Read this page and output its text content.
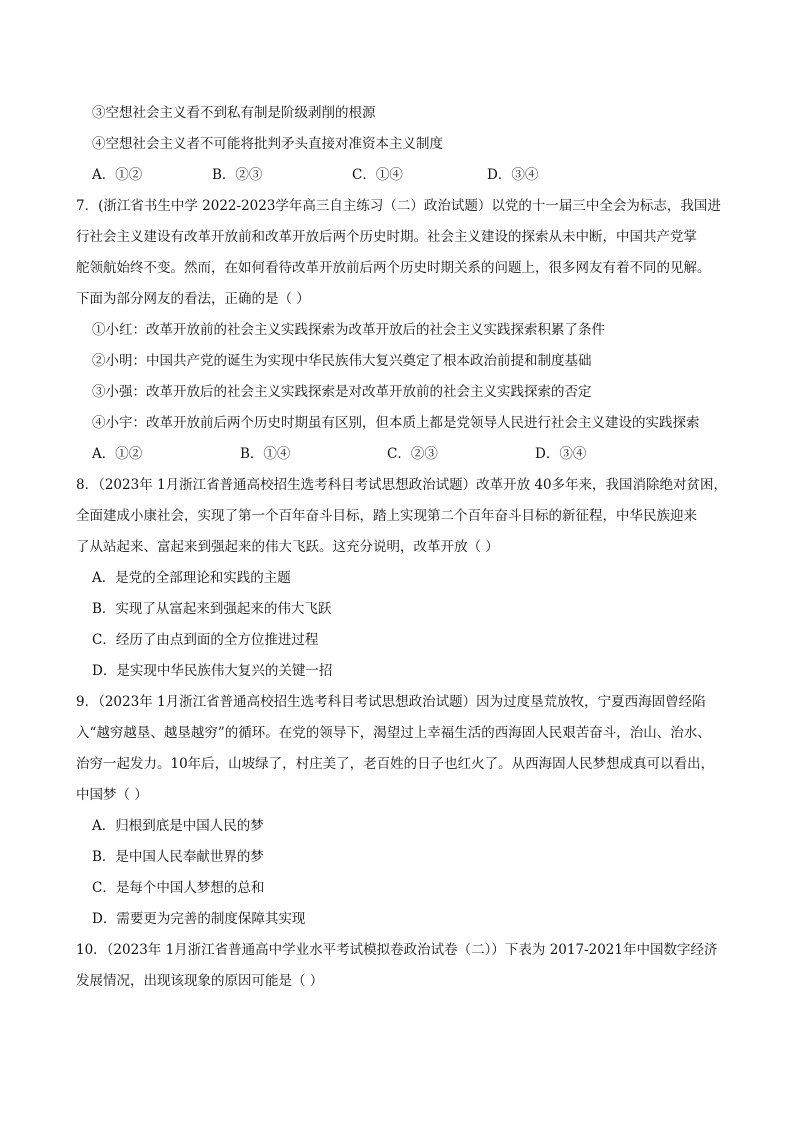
③空想社会主义看不到私有制是阶级剥削的根源
④空想社会主义者不可能将批判矛头直接对准资本主义制度
A．①②	B．②③	C．①④	D．③④
7．(浙江省书生中学 2022-2023学年高三自主练习（二）政治试题）以党的十一届三中全会为标志，我国进
行社会主义建设有改革开放前和改革开放后两个历史时期。社会主义建设的探索从未中断，中国共产党掌
舵领航始终不变。然而，在如何看待改革开放前后两个历史时期关系的问题上，很多网友有着不同的见解。
下面为部分网友的看法，正确的是（ ）
①小红：改革开放前的社会主义实践探索为改革开放后的社会主义实践探索积累了条件
②小明：中国共产党的诞生为实现中华民族伟大复兴奠定了根本政治前提和制度基础
③小强：改革开放后的社会主义实践探索是对改革开放前的社会主义实践探索的否定
④小宇：改革开放前后两个历史时期虽有区别，但本质上都是党领导人民进行社会主义建设的实践探索
A．①②	B．①④	C．②③	D．③④
8．（2023年 1月浙江省普通高校招生选考科目考试思想政治试题）改革开放 40多年来，我国消除绝对贫困，
全面建成小康社会，实现了第一个百年奋斗目标，踏上实现第二个百年奋斗目标的新征程，中华民族迎来
了从站起来、富起来到强起来的伟大飞跃。这充分说明，改革开放（ ）
A．是党的全部理论和实践的主题
B．实现了从富起来到强起来的伟大飞跃
C．经历了由点到面的全方位推进过程
D．是实现中华民族伟大复兴的关键一招
9．（2023年 1月浙江省普通高校招生选考科目考试思想政治试题）因为过度垦荒放牧，宁夏西海固曾经陷
入“越穷越垦、越垦越穷”的循环。在党的领导下，渴望过上幸福生活的西海固人民艰苦奋斗，治山、治水、
治穷一起发力。10年后，山坡绿了，村庄美了，老百姓的日子也红火了。从西海固人民梦想成真可以看出，
中国梦（ ）
A．归根到底是中国人民的梦
B．是中国人民奉献世界的梦
C．是每个中国人梦想的总和
D．需要更为完善的制度保障其实现
10．（2023年 1月浙江省普通高中学业水平考试模拟卷政治试卷（二））下表为 2017-2021年中国数字经济
发展情况，出现该现象的原因可能是（ ）
